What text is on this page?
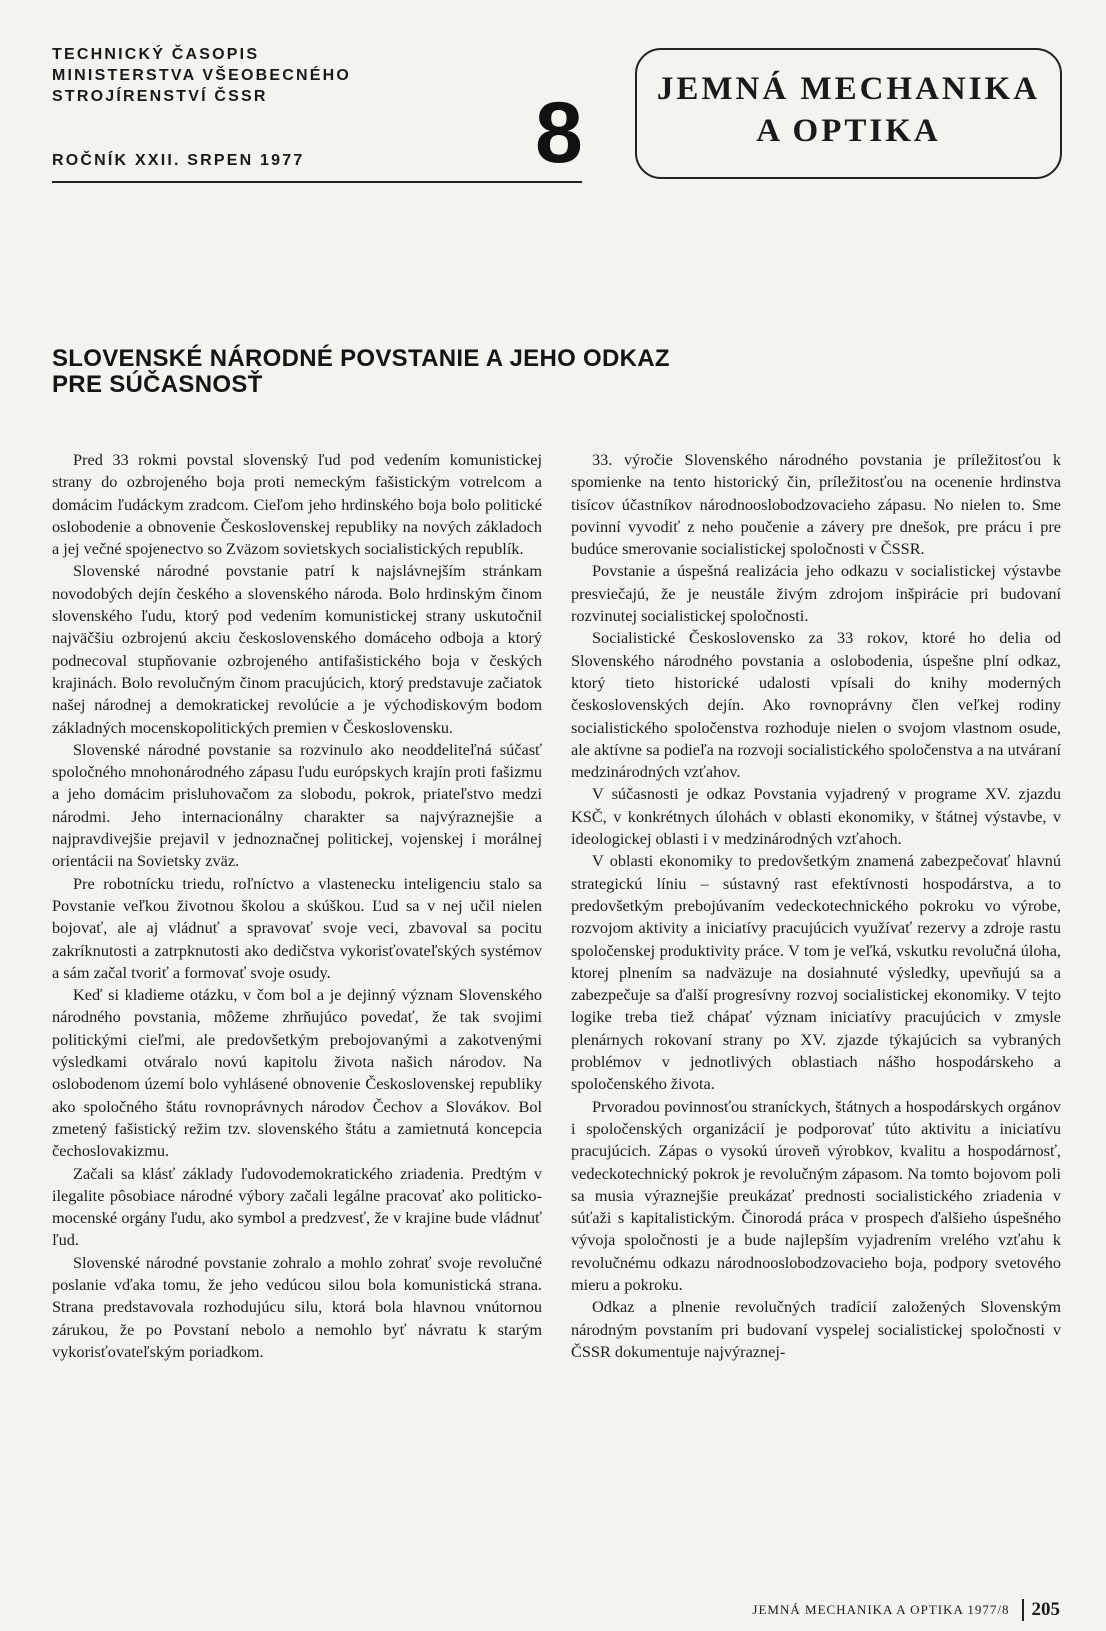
TECHNICKÝ ČASOPIS
MINISTERSTVA VŠEOBECNÉHO
STROJÍRENSTVÍ ČSSR
ROČNÍK XXII. SRPEN 1977	8	JEMNÁ MECHANIKA
A OPTIKA
SLOVENSKÉ NÁRODNÉ POVSTANIE A JEHO ODKAZ
PRE SÚČASNOSŤ

Pred 33 rokmi povstal slovenský ľud pod vedením komunistickej strany do ozbrojeného boja proti nemeckým fašistickým votrelcom a domácim ľudáckym zradcom. Cieľom jeho hrdinského boja bolo politické oslobodenie a obnovenie Československej republiky na nových základoch a jej večné spojenectvo so Zväzom sovietskych socialistických republík.

Slovenské národné povstanie patrí k najslávnejším stránkam novodobých dejín českého a slovenského národa. Bolo hrdinským činom slovenského ľudu, ktorý pod vedením komunistickej strany uskutočnil najväčšiu ozbrojenú akciu československého domáceho odboja a ktorý podnecoval stupňovanie ozbrojeného antifašistického boja v českých krajinách. Bolo revolučným činom pracujúcich, ktorý predstavuje začiatok našej národnej a demokratickej revolúcie a je východiskovým bodom základných mocenskopolitických premien v Československu.

Slovenské národné povstanie sa rozvinulo ako neoddeliteľná súčasť spoločného mnohonárodného zápasu ľudu európskych krajín proti fašizmu a jeho domácim prisluhovačom za slobodu, pokrok, priateľstvo medzi národmi. Jeho internacionálny charakter sa najvýraznejšie a najpravdivejšie prejavil v jednoznačnej politickej, vojenskej i morálnej orientácii na Sovietsky zväz.

Pre robotnícku triedu, roľníctvo a vlastenecku inteligenciu stalo sa Povstanie veľkou životnou školou a skúškou. Ľud sa v nej učil nielen bojovať, ale aj vládnuť a spravovať svoje veci, zbavoval sa pocitu zakríknutosti a zatrpknutosti ako dedičstva vykorisťovateľských systémov a sám začal tvoriť a formovať svoje osudy.

Keď si kladieme otázku, v čom bol a je dejinný význam Slovenského národného povstania, môžeme zhrňujúco povedať, že tak svojimi politickými cieľmi, ale predovšetkým prebojovanými a zakotvenými výsledkami otváralo novú kapitolu života našich národov. Na oslobodenom území bolo vyhlásené obnovenie Československej republiky ako spoločného štátu rovnoprávnych národov Čechov a Slovákov. Bol zmetený fašistický režim tzv. slovenského štátu a zamietnutá koncepcia čechoslovakizmu.

Začali sa klásť základy ľudovodemokratického zriadenia. Predtým v ilegalite pôsobiace národné výbory začali legálne pracovať ako politicko-mocenské orgány ľudu, ako symbol a predzvesť, že v krajine bude vládnuť ľud.

Slovenské národné povstanie zohralo a mohlo zohrať svoje revolučné poslanie vďaka tomu, že jeho vedúcou silou bola komunistická strana. Strana predstavovala rozhodujúcu silu, ktorá bola hlavnou vnútornou zárukou, že po Povstaní nebolo a nemohlo byť návratu k starým vykorisťovateľským poriadkom.

33. výročie Slovenského národného povstania je príležitosťou k spomienke na tento historický čin, príležitosťou na ocenenie hrdinstva tisícov účastníkov národnooslobodzovacieho zápasu. No nielen to. Sme povinní vyvodiť z neho poučenie a závery pre dnešok, pre prácu i pre budúce smerovanie socialistickej spoločnosti v ČSSR.

Povstanie a úspešná realizácia jeho odkazu v socialistickej výstavbe presviečajú, že je neustále živým zdrojom inšpirácie pri budovaní rozvinutej socialistickej spoločnosti.

Socialistické Československo za 33 rokov, ktoré ho delia od Slovenského národného povstania a oslobodenia, úspešne plní odkaz, ktorý tieto historické udalosti vpísali do knihy moderných československých dejín. Ako rovnoprávny člen veľkej rodiny socialistického spoločenstva rozhoduje nielen o svojom vlastnom osude, ale aktívne sa podieľa na rozvoji socialistického spoločenstva a na utváraní medzinárodných vzťahov.

V súčasnosti je odkaz Povstania vyjadrený v programe XV. zjazdu KSČ, v konkrétnych úlohách v oblasti ekonomiky, v štátnej výstavbe, v ideologickej oblasti i v medzinárodných vzťahoch.

V oblasti ekonomiky to predovšetkým znamená zabezpečovať hlavnú strategickú líniu – sústavný rast efektívnosti hospodárstva, a to predovšetkým prebojúvaním vedeckotechnického pokroku vo výrobe, rozvojom aktivity a iniciatívy pracujúcich využívať rezervy a zdroje rastu spoločenskej produktivity práce. V tom je veľká, vskutku revolučná úloha, ktorej plnením sa nadväzuje na dosiahnuté výsledky, upevňujú sa a zabezpečuje sa ďalší progresívny rozvoj socialistickej ekonomiky. V tejto logike treba tiež chápať význam iniciatívy pracujúcich v zmysle plenárnych rokovaní strany po XV. zjazde týkajúcich sa vybraných problémov v jednotlivých oblastiach nášho hospodárskeho a spoločenského života.

Prvoradou povinnosťou straníckych, štátnych a hospodárskych orgánov i spoločenských organizácií je podporovať túto aktivitu a iniciatívu pracujúcich. Zápas o vysokú úroveň výrobkov, kvalitu a hospodárnosť, vedeckotechnický pokrok je revolučným zápasom. Na tomto bojovom poli sa musia výraznejšie preukázať prednosti socialistického zriadenia v súťaži s kapitalistickým. Činorodá práca v prospech ďalšieho úspešného vývoja spoločnosti je a bude najlepším vyjadrením vrelého vzťahu k revolučnému odkazu národnooslobodzovacieho boja, podpory svetového mieru a pokroku.

Odkaz a plnenie revolučných tradícií založených Slovenským národným povstaním pri budovaní vyspelej socialistickej spoločnosti v ČSSR dokumentuje najvýraznej-

JEMNÁ MECHANIKA A OPTIKA 1977/8 205
